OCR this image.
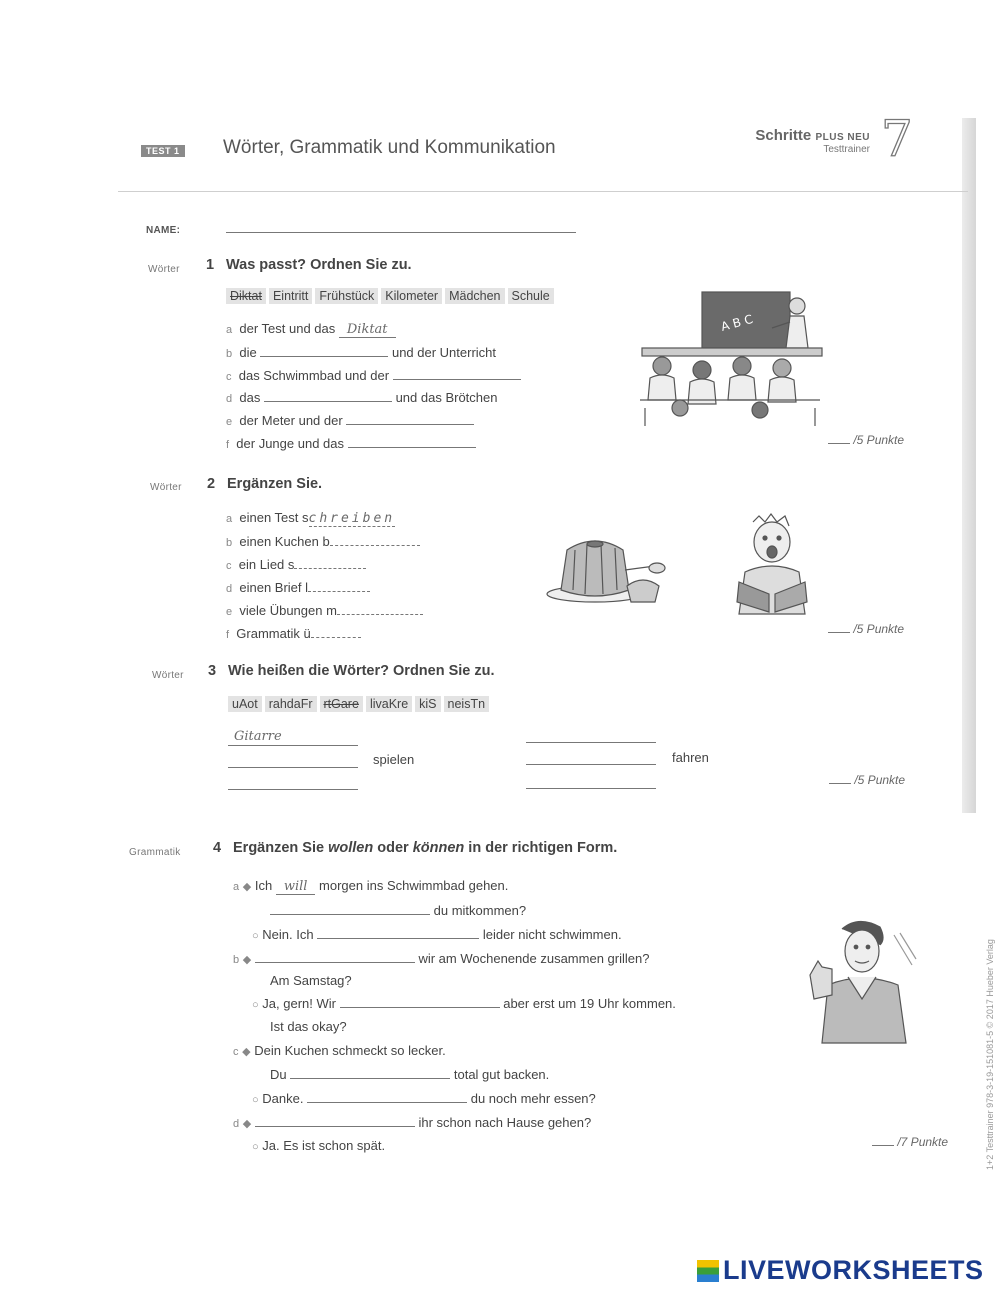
TEST 1 Wörter, Grammatik und Kommunikation
Schritte PLUS NEU
Testtrainer 7
NAME:
Wörter 1 Was passt? Ordnen Sie zu.
Diktat Eintritt Frühstück Kilometer Mädchen Schule
a der Test und das Diktat
b die	und der Unterricht
c das Schwimmbad und der
d das	und das Brötchen
e der Meter und der
f der Junge und das	/5 Punkte
A B C
Wörter 2 Ergänzen Sie.
a einen Test schreiben
b einen Kuchen b
c ein Lied s
d einen Brief l
e viele Übungen m
f Grammatik ü	/5 Punkte
Wörter 3 Wie heißen die Wörter? Ordnen Sie zu.
uAot rahdaFr rtGare livaKre kiS neisTn
Gitarre
spielen	fahren
/5 Punkte
Grammatik 4 Ergänzen Sie wollen oder können in der richtigen Form.
a ◆ Ich will morgen ins Schwimmbad gehen.
du mitkommen?
○ Nein. Ich	leider nicht schwimmen.
b ◆	wir am Wochenende zusammen grillen?
Am Samstag?
○ Ja, gern! Wir	aber erst um 19 Uhr kommen.
Ist das okay?
c ◆ Dein Kuchen schmeckt so lecker.
Du	total gut backen.
○ Danke.	du noch mehr essen?
d ◆	ihr schon nach Hause gehen?
○ Ja. Es ist schon spät.	/7 Punkte	1+2 Testtrainer 978-3-19-151081-5 © 2017 Hueber Verlag
LIVEWORKSHEETS
